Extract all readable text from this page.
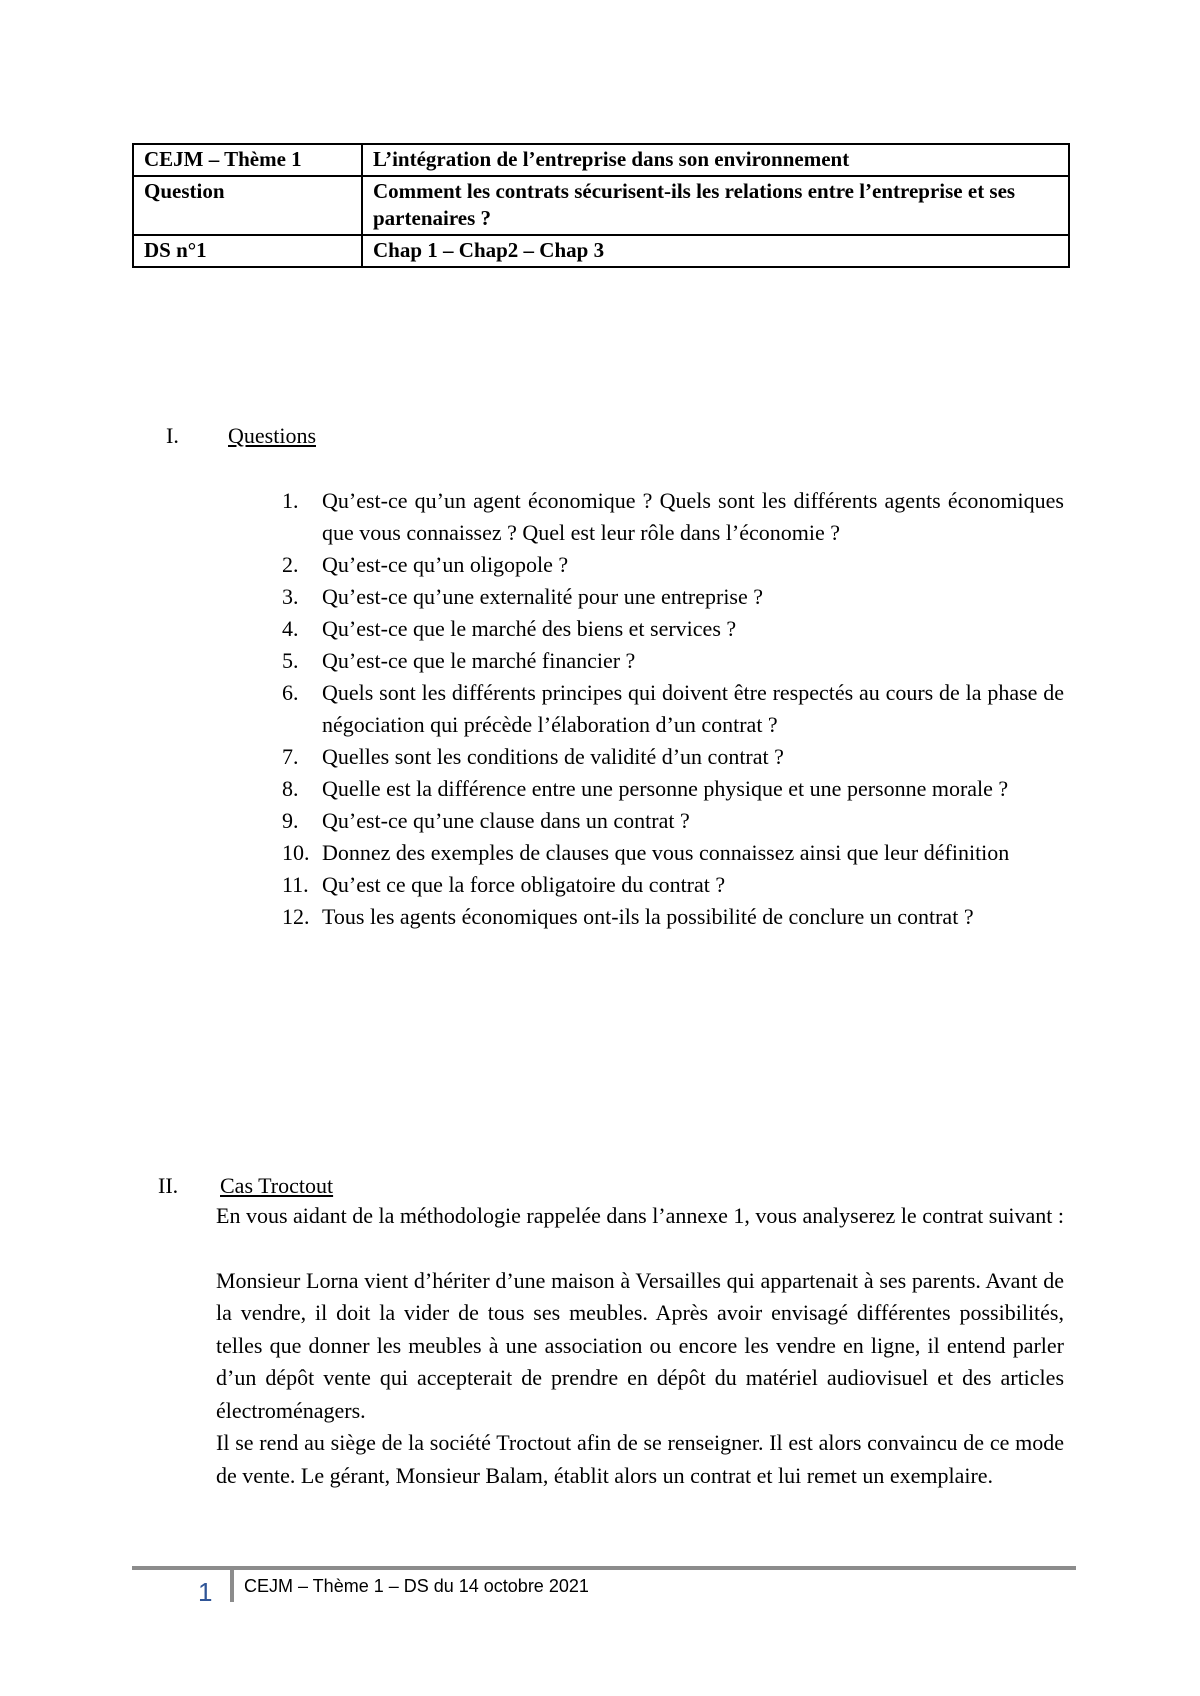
CEJM – Thème 1	L’intégration de l’entreprise dans son environnement
Question	Comment les contrats sécurisent-ils les relations entre l’entreprise et ses partenaires ?
DS n°1	Chap 1 – Chap2 – Chap 3
I. Questions
1. Qu’est-ce qu’un agent économique ? Quels sont les différents agents économiques que vous connaissez ? Quel est leur rôle dans l’économie ?
2. Qu’est-ce qu’un oligopole ?
3. Qu’est-ce qu’une externalité pour une entreprise ?
4. Qu’est-ce que le marché des biens et services ?
5. Qu’est-ce que le marché financier ?
6. Quels sont les différents principes qui doivent être respectés au cours de la phase de négociation qui précède l’élaboration d’un contrat ?
7. Quelles sont les conditions de validité d’un contrat ?
8. Quelle est la différence entre une personne physique et une personne morale ?
9. Qu’est-ce qu’une clause dans un contrat ?
10. Donnez des exemples de clauses que vous connaissez ainsi que leur définition
11. Qu’est ce que la force obligatoire du contrat ?
12. Tous les agents économiques ont-ils la possibilité de conclure un contrat ?
II. Cas Troctout

En vous aidant de la méthodologie rappelée dans l’annexe 1, vous analyserez le contrat suivant :

Monsieur Lorna vient d’hériter d’une maison à Versailles qui appartenait à ses parents. Avant de la vendre, il doit la vider de tous ses meubles. Après avoir envisagé différentes possibilités, telles que donner les meubles à une association ou encore les vendre en ligne, il entend parler d’un dépôt vente qui accepterait de prendre en dépôt du matériel audiovisuel et des articles électroménagers.

Il se rend au siège de la société Troctout afin de se renseigner. Il est alors convaincu de ce mode de vente. Le gérant, Monsieur Balam, établit alors un contrat et lui remet un exemplaire.

1 CEJM – Thème 1 – DS du 14 octobre 2021
